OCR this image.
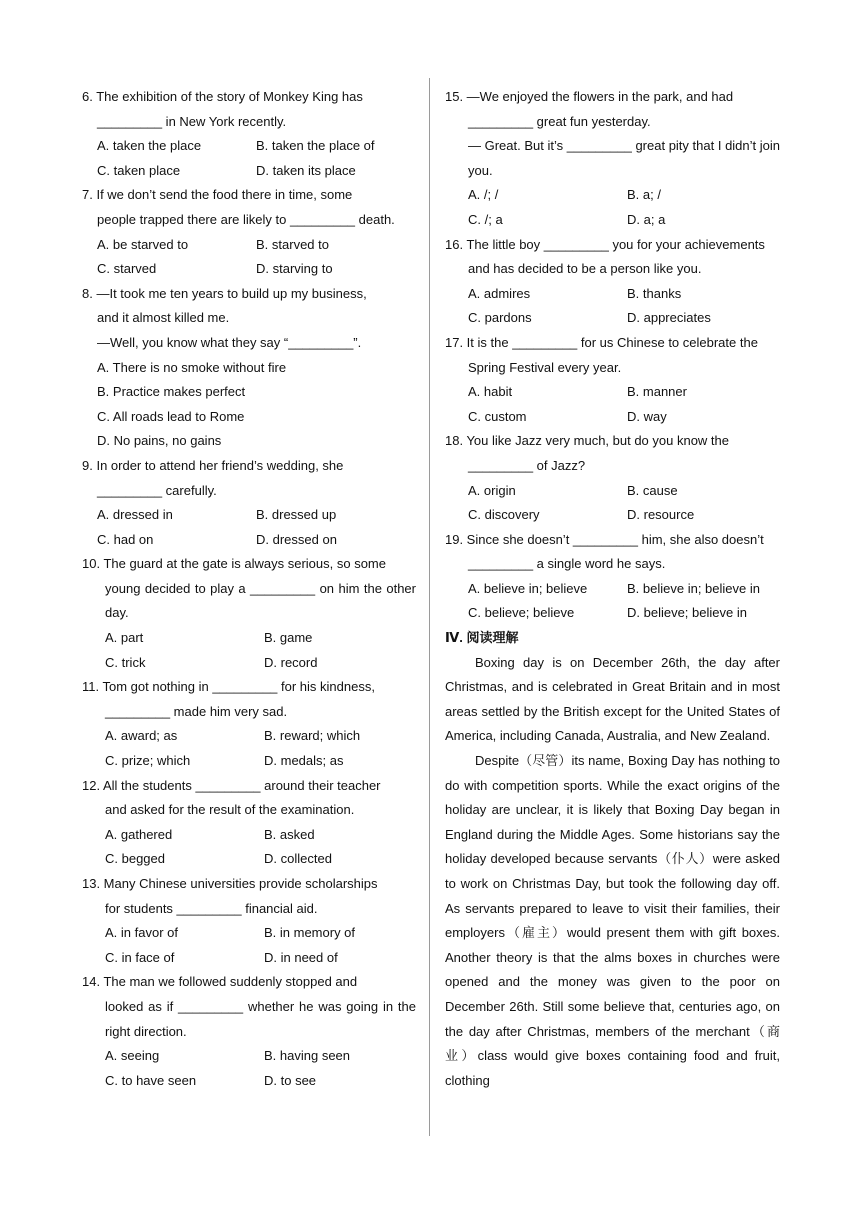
6. The exhibition of the story of Monkey King has
_________ in New York recently.
A. taken the place	B. taken the place of
C. taken place	D. taken its place
7. If we don’t send the food there in time, some
people trapped there are likely to _________ death.
A. be starved to	B. starved to
C. starved	D. starving to
8. —It took me ten years to build up my business,
and it almost killed me.
—Well, you know what they say “_________”.
A. There is no smoke without fire
B. Practice makes perfect
C. All roads lead to Rome
D. No pains, no gains
9. In order to attend her friend’s wedding, she
_________ carefully.
A. dressed in	B. dressed up
C. had on	D. dressed on
10. The guard at the gate is always serious, so some
young decided to play a _________ on him the other day.
A. part	B. game
C. trick	D. record
11. Tom got nothing in _________ for his kindness,
_________ made him very sad.
A. award; as	B. reward; which
C. prize; which	D. medals; as
12. All the students _________ around their teacher
and asked for the result of the examination.
A. gathered	B. asked
C. begged	D. collected
13. Many Chinese universities provide scholarships
for students _________ financial aid.
A. in favor of	B. in memory of
C. in face of	D. in need of
14. The man we followed suddenly stopped and
looked as if _________ whether he was going in the right direction.
A. seeing	B. having seen
C. to have seen	D. to see
15. —We enjoyed the flowers in the park, and had
_________ great fun yesterday.
— Great. But it’s _________ great pity that I didn’t join you.
A. /; /	B. a; /
C. /; a	D. a; a
16. The little boy _________ you for your achievements
and has decided to be a person like you.
A. admires	B. thanks
C. pardons	D. appreciates
17. It is the _________ for us Chinese to celebrate the
Spring Festival every year.
A. habit	B. manner
C. custom	D. way
18. You like Jazz very much, but do you know the
_________ of Jazz?
A. origin	B. cause
C. discovery	D. resource
19. Since she doesn’t _________ him, she also doesn’t
_________ a single word he says.
A. believe in; believe	B. believe in; believe in
C. believe; believe	D. believe; believe in
Ⅳ. 阅读理解
Boxing day is on December 26th, the day after Christmas, and is celebrated in Great Britain and in most areas settled by the British except for the United States of America, including Canada, Australia, and New Zealand.
Despite（尽管）its name, Boxing Day has nothing to do with competition sports. While the exact origins of the holiday are unclear, it is likely that Boxing Day began in England during the Middle Ages. Some historians say the holiday developed because servants（仆人）were asked to work on Christmas Day, but took the following day off. As servants prepared to leave to visit their families, their employers（雇主）would present them with gift boxes. Another theory is that the alms boxes in churches were opened and the money was given to the poor on December 26th. Still some believe that, centuries ago, on the day after Christmas, members of the merchant（商业）class would give boxes containing food and fruit, clothing
